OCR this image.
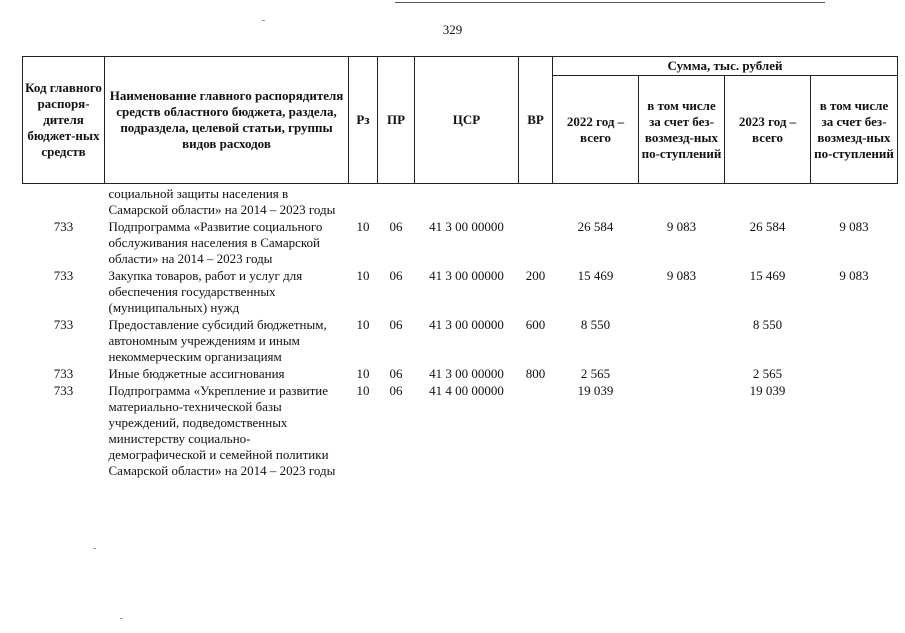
329
Код главного распоря-дителя бюджет-ных средств	Наименование главного распорядителя средств областного бюджета, раздела, подраздела, целевой статьи, группы видов расходов	Рз	ПР	ЦСР	ВР	Сумма, тыс. рублей			
						2022 год – всего	в том числе за счет без-возмезд-ных по-ступлений	2023 год – всего	в том числе за счет без-возмезд-ных по-ступлений
	социальной защиты населения в Самарской области» на 2014 – 2023 годы								
733	Подпрограмма «Развитие социального обслуживания населения в Самарской области» на 2014 – 2023 годы	10	06	41 3 00 00000		26 584	9 083	26 584	9 083
733	Закупка товаров, работ и услуг для обеспечения государственных (муниципальных) нужд	10	06	41 3 00 00000	200	15 469	9 083	15 469	9 083
733	Предоставление субсидий бюджетным, автономным учреждениям и иным некоммерческим организациям	10	06	41 3 00 00000	600	8 550		8 550	
733	Иные бюджетные ассигнования	10	06	41 3 00 00000	800	2 565		2 565	
733	Подпрограмма «Укрепление и развитие материально-технической базы учреждений, подведомственных министерству социально-демографической и семейной политики Самарской области» на 2014 – 2023 годы	10	06	41 4 00 00000		19 039		19 039	
